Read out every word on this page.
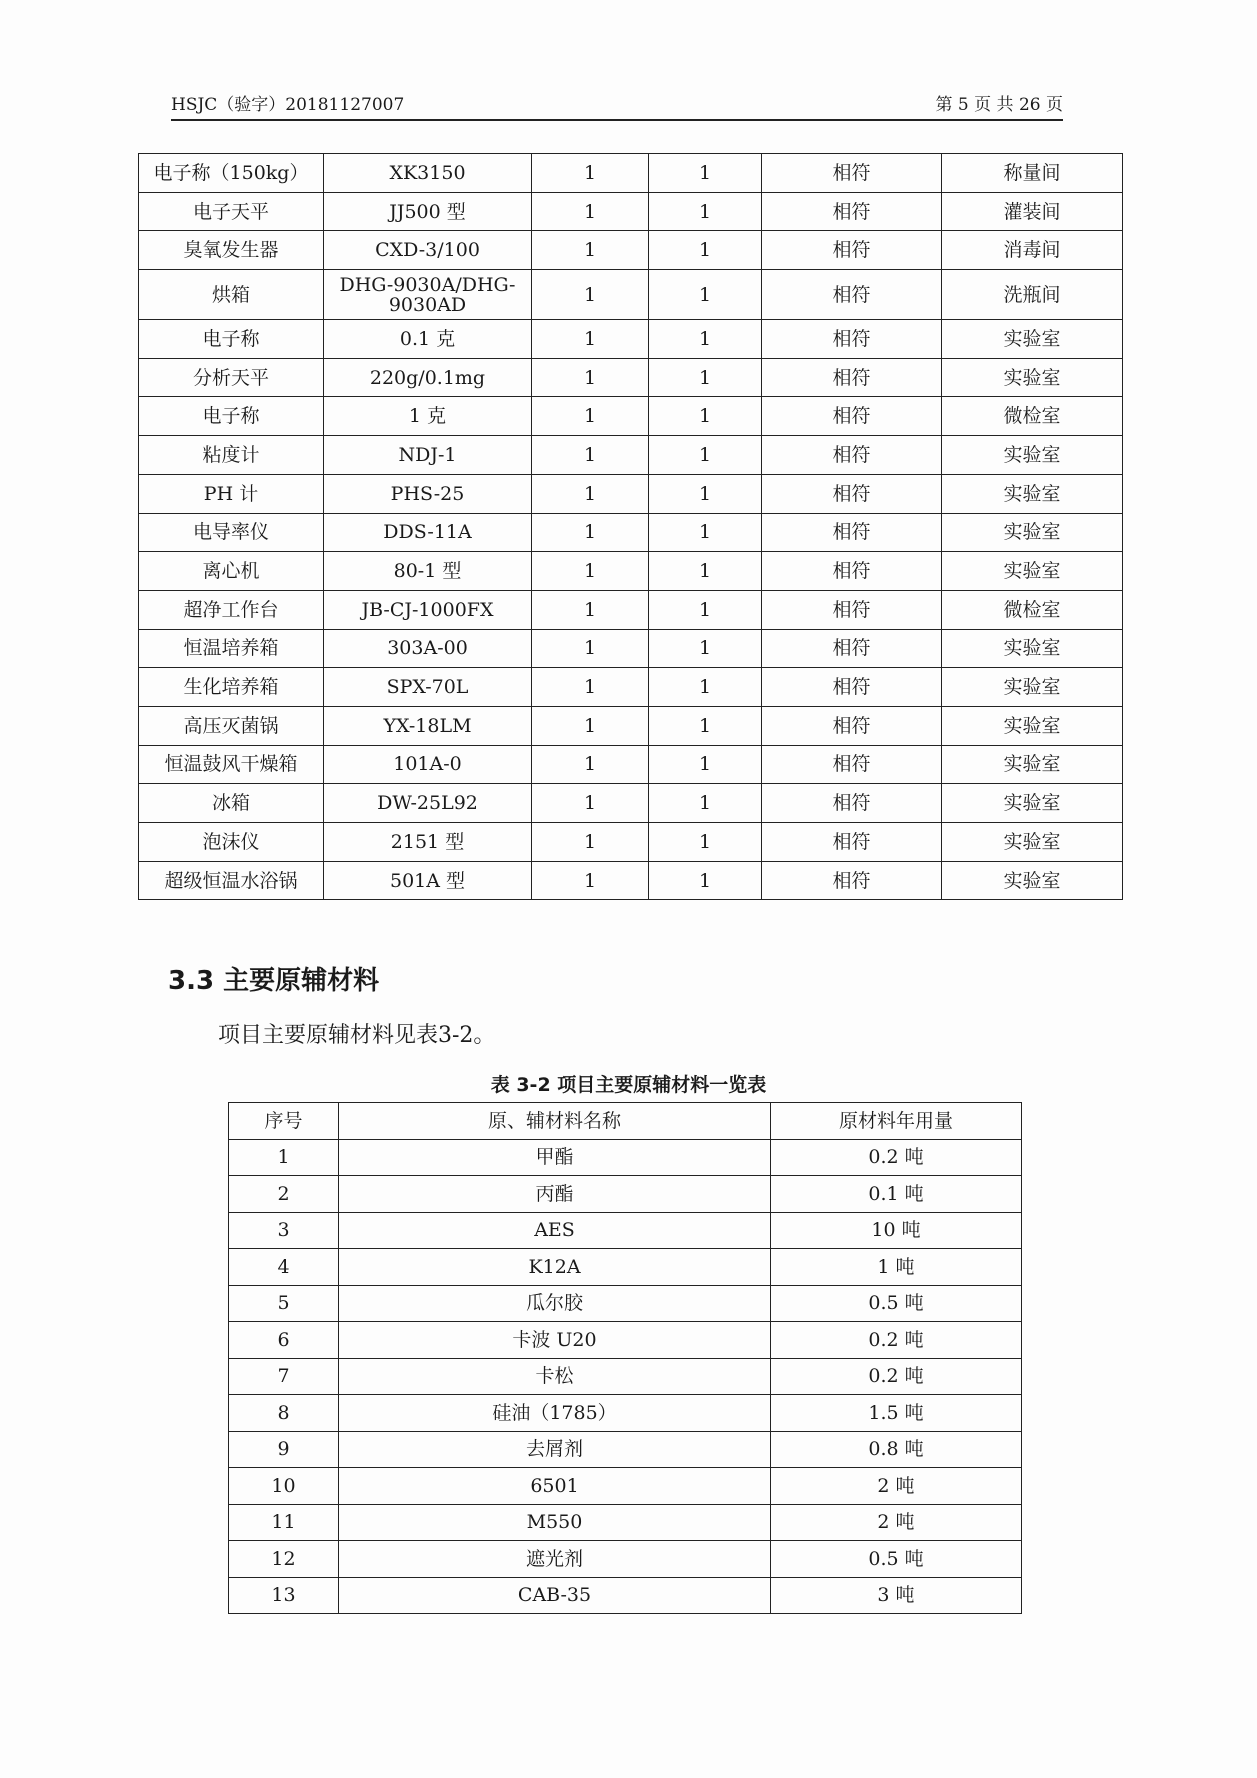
HSJC（验字）20181127007	第 5 页 共 26 页
电子称（150kg）	XK3150	1	1	相符	称量间
电子天平	JJ500 型	1	1	相符	灌装间
臭氧发生器	CXD-3/100	1	1	相符	消毒间
烘箱	DHG-9030A/DHG-9030AD	1	1	相符	洗瓶间
电子称	0.1 克	1	1	相符	实验室
分析天平	220g/0.1mg	1	1	相符	实验室
电子称	1 克	1	1	相符	微检室
粘度计	NDJ-1	1	1	相符	实验室
PH 计	PHS-25	1	1	相符	实验室
电导率仪	DDS-11A	1	1	相符	实验室
离心机	80-1 型	1	1	相符	实验室
超净工作台	JB-CJ-1000FX	1	1	相符	微检室
恒温培养箱	303A-00	1	1	相符	实验室
生化培养箱	SPX-70L	1	1	相符	实验室
高压灭菌锅	YX-18LM	1	1	相符	实验室
恒温鼓风干燥箱	101A-0	1	1	相符	实验室
冰箱	DW-25L92	1	1	相符	实验室
泡沫仪	2151 型	1	1	相符	实验室
超级恒温水浴锅	501A 型	1	1	相符	实验室
3.3 主要原辅材料
项目主要原辅材料见表3-2。
表 3-2 项目主要原辅材料一览表
序号	原、辅材料名称	原材料年用量
1	甲酯	0.2 吨
2	丙酯	0.1 吨
3	AES	10 吨
4	K12A	1 吨
5	瓜尔胶	0.5 吨
6	卡波 U20	0.2 吨
7	卡松	0.2 吨
8	硅油（1785）	1.5 吨
9	去屑剂	0.8 吨
10	6501	2 吨
11	M550	2 吨
12	遮光剂	0.5 吨
13	CAB-35	3 吨
